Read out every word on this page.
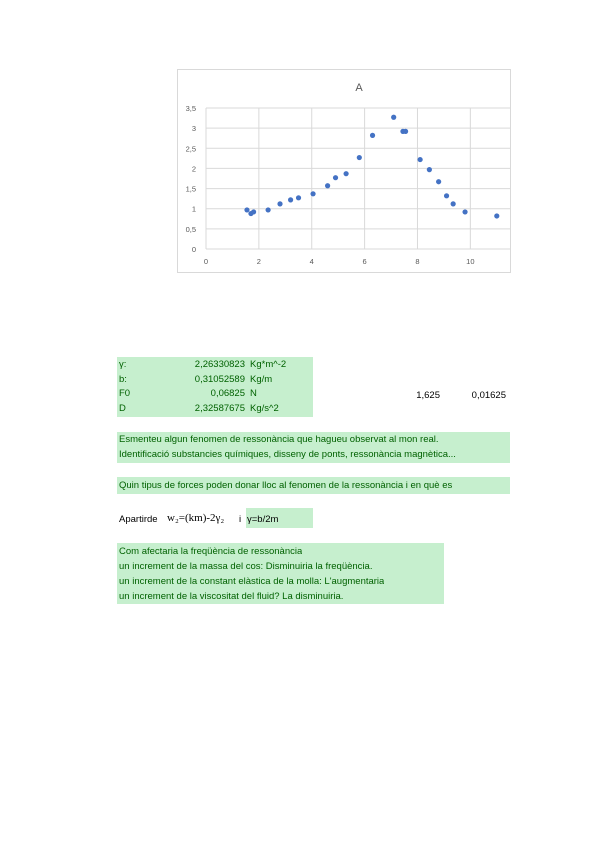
A
0
0,5
1
1,5
2
2,5
3
3,5
0	2	4	6	8	10
γ:	2,26330823 Kg*m^-2
b:	0,31052589 Kg/m
F0	0,06825 N
D	2,32587675 Kg/s^2
1,625	0,01625
Esmenteu algun fenomen de ressonància que hagueu observat al mon real.
Identificació substancies químiques, disseny de ponts, ressonància magnètica...
Quin tipus de forces poden donar lloc al fenomen de la ressonància i en què es
Apartirde w₂=(km)-2γ₂ i γ=b/2m
Com afectaria la freqüència de ressonància
un increment de la massa del cos: Disminuiria la freqüència.
un increment de la constant elàstica de la molla: L'augmentaria
un increment de la viscositat del fluid? La disminuiria.
